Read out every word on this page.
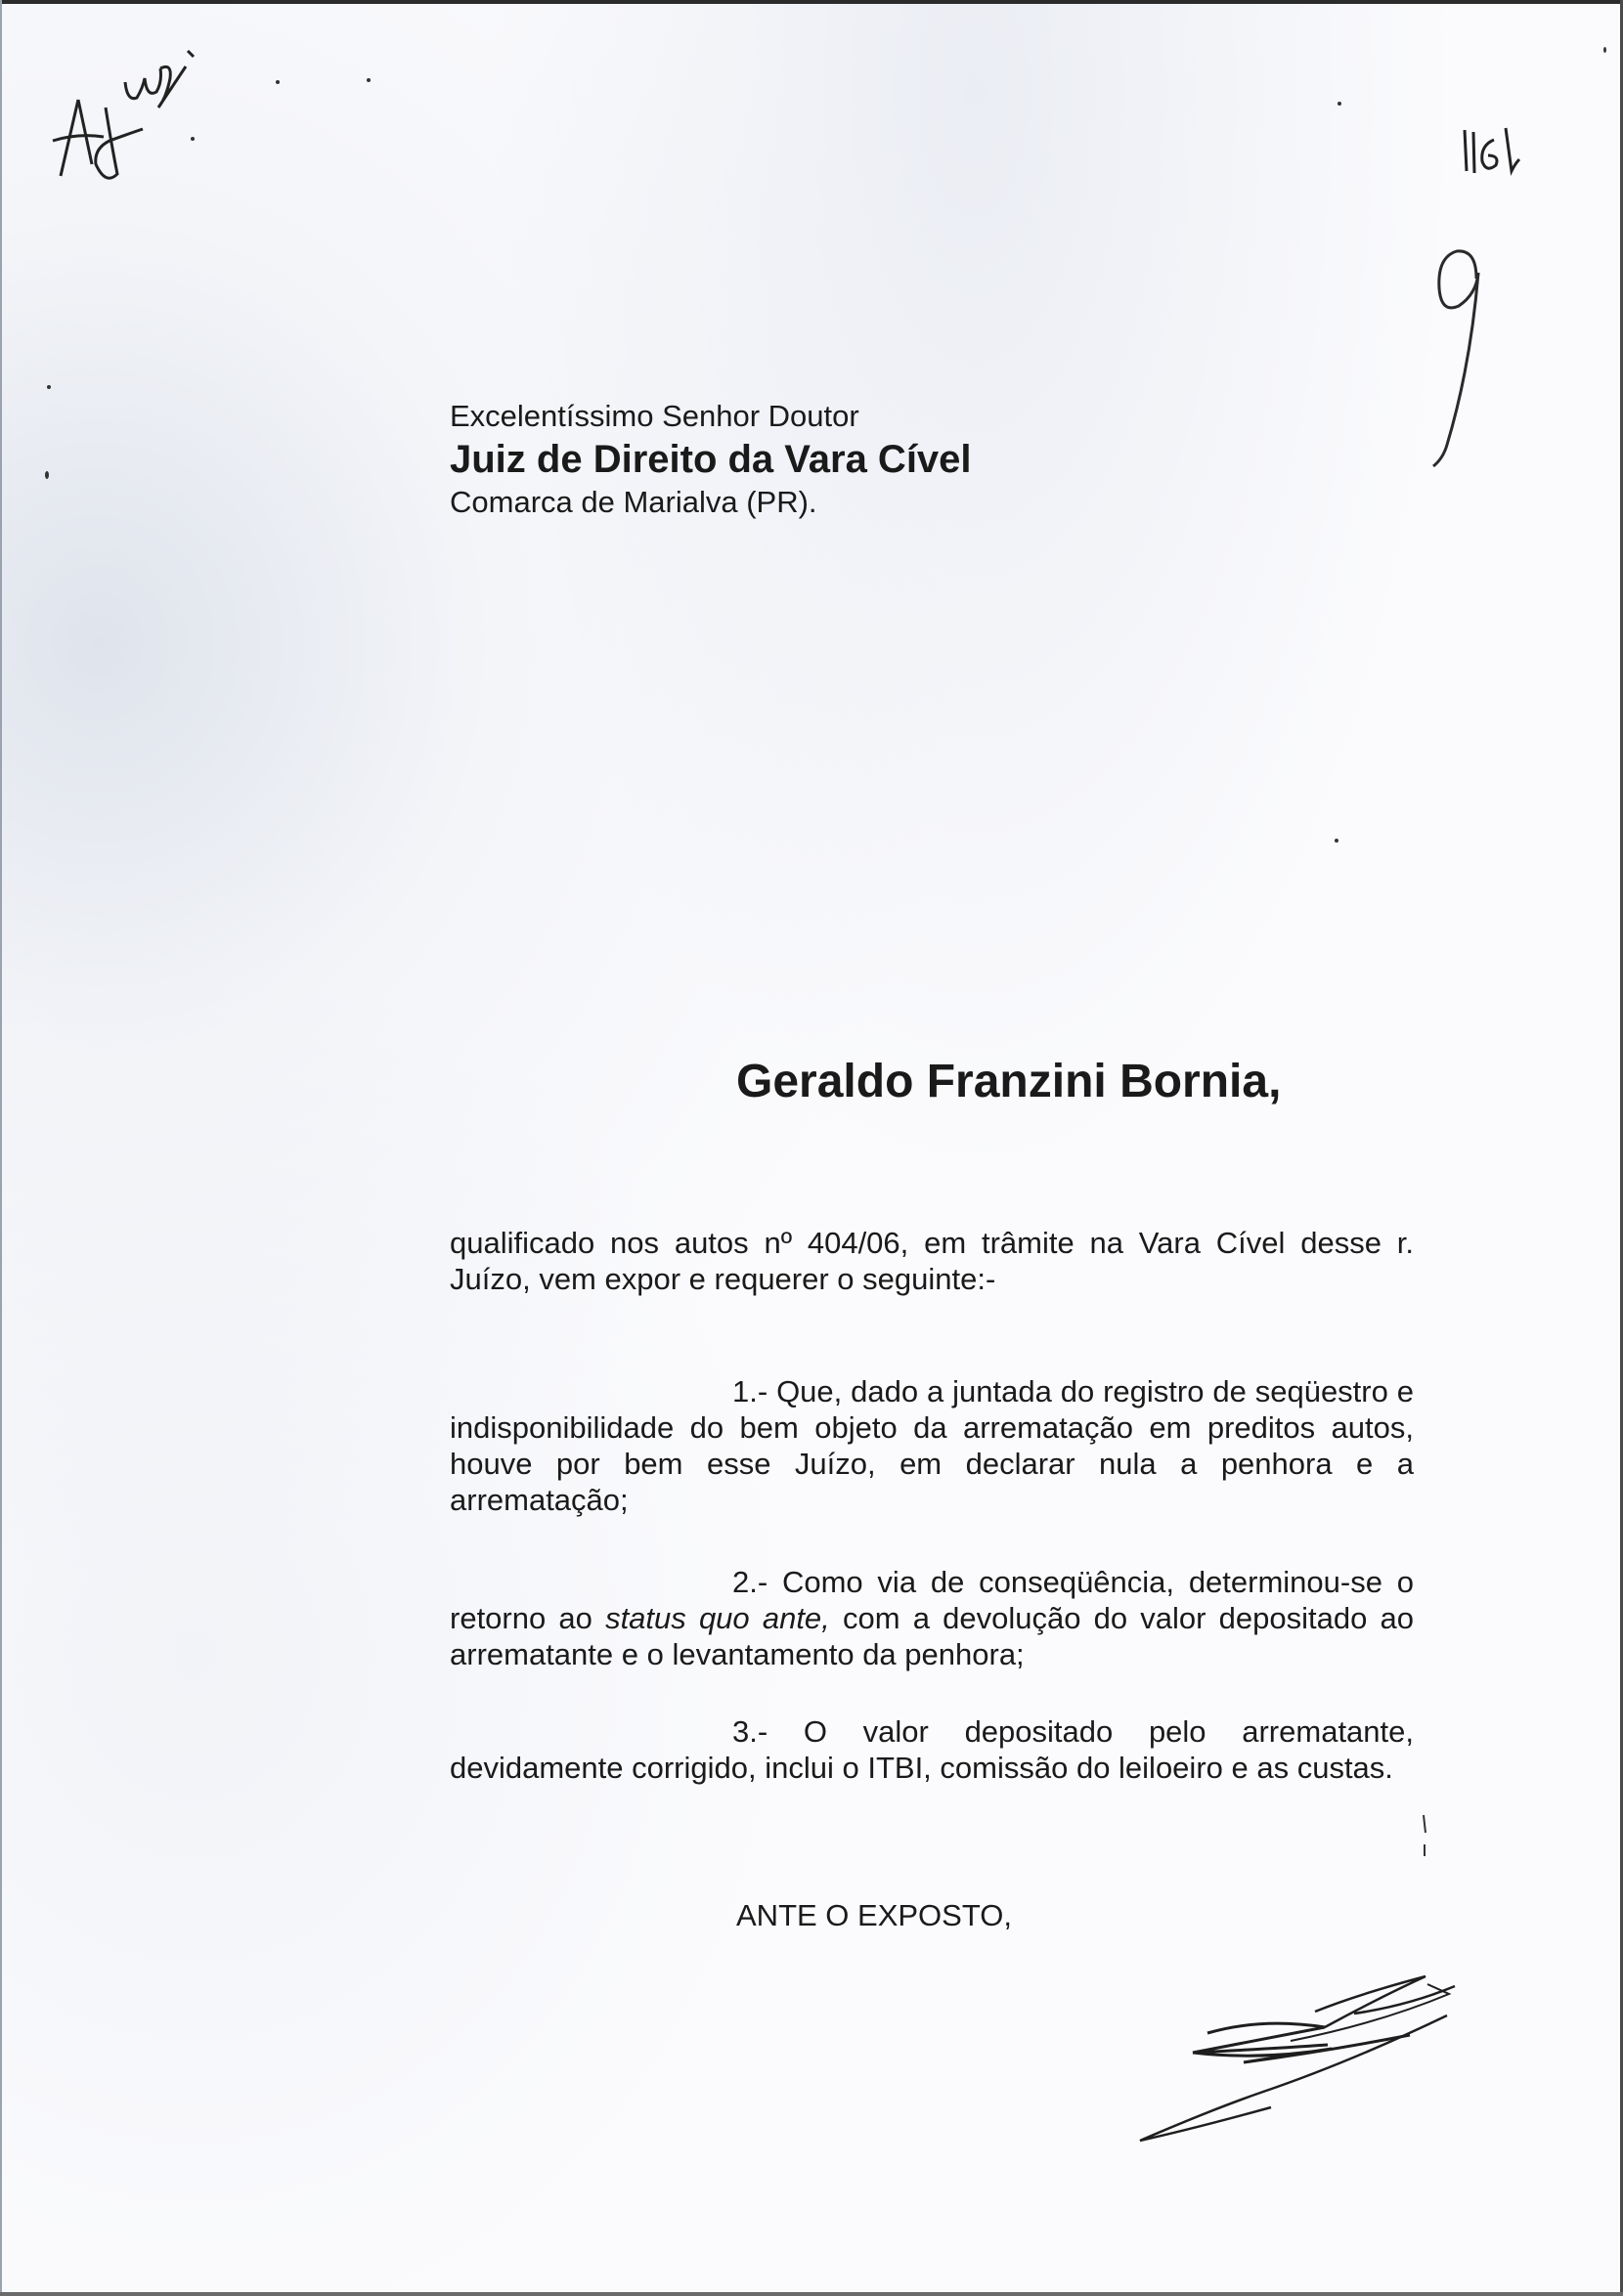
Excelentíssimo Senhor Doutor
Juiz de Direito da Vara Cível
Comarca de Marialva (PR).
Geraldo Franzini Bornia,
qualificado nos autos nº 404/06, em trâmite na Vara Cível desse r. Juízo, vem expor e requerer o seguinte:-
1.- Que, dado a juntada do registro de seqüestro e indisponibilidade do bem objeto da arrematação em preditos autos, houve por bem esse Juízo, em declarar nula a penhora e a arrematação;
2.- Como via de conseqüência, determinou-se o retorno ao status quo ante, com a devolução do valor depositado ao arrematante e o levantamento da penhora;
3.- O valor depositado pelo arrematante, devidamente corrigido, inclui o ITBI, comissão do leiloeiro e as custas.
ANTE O EXPOSTO,
